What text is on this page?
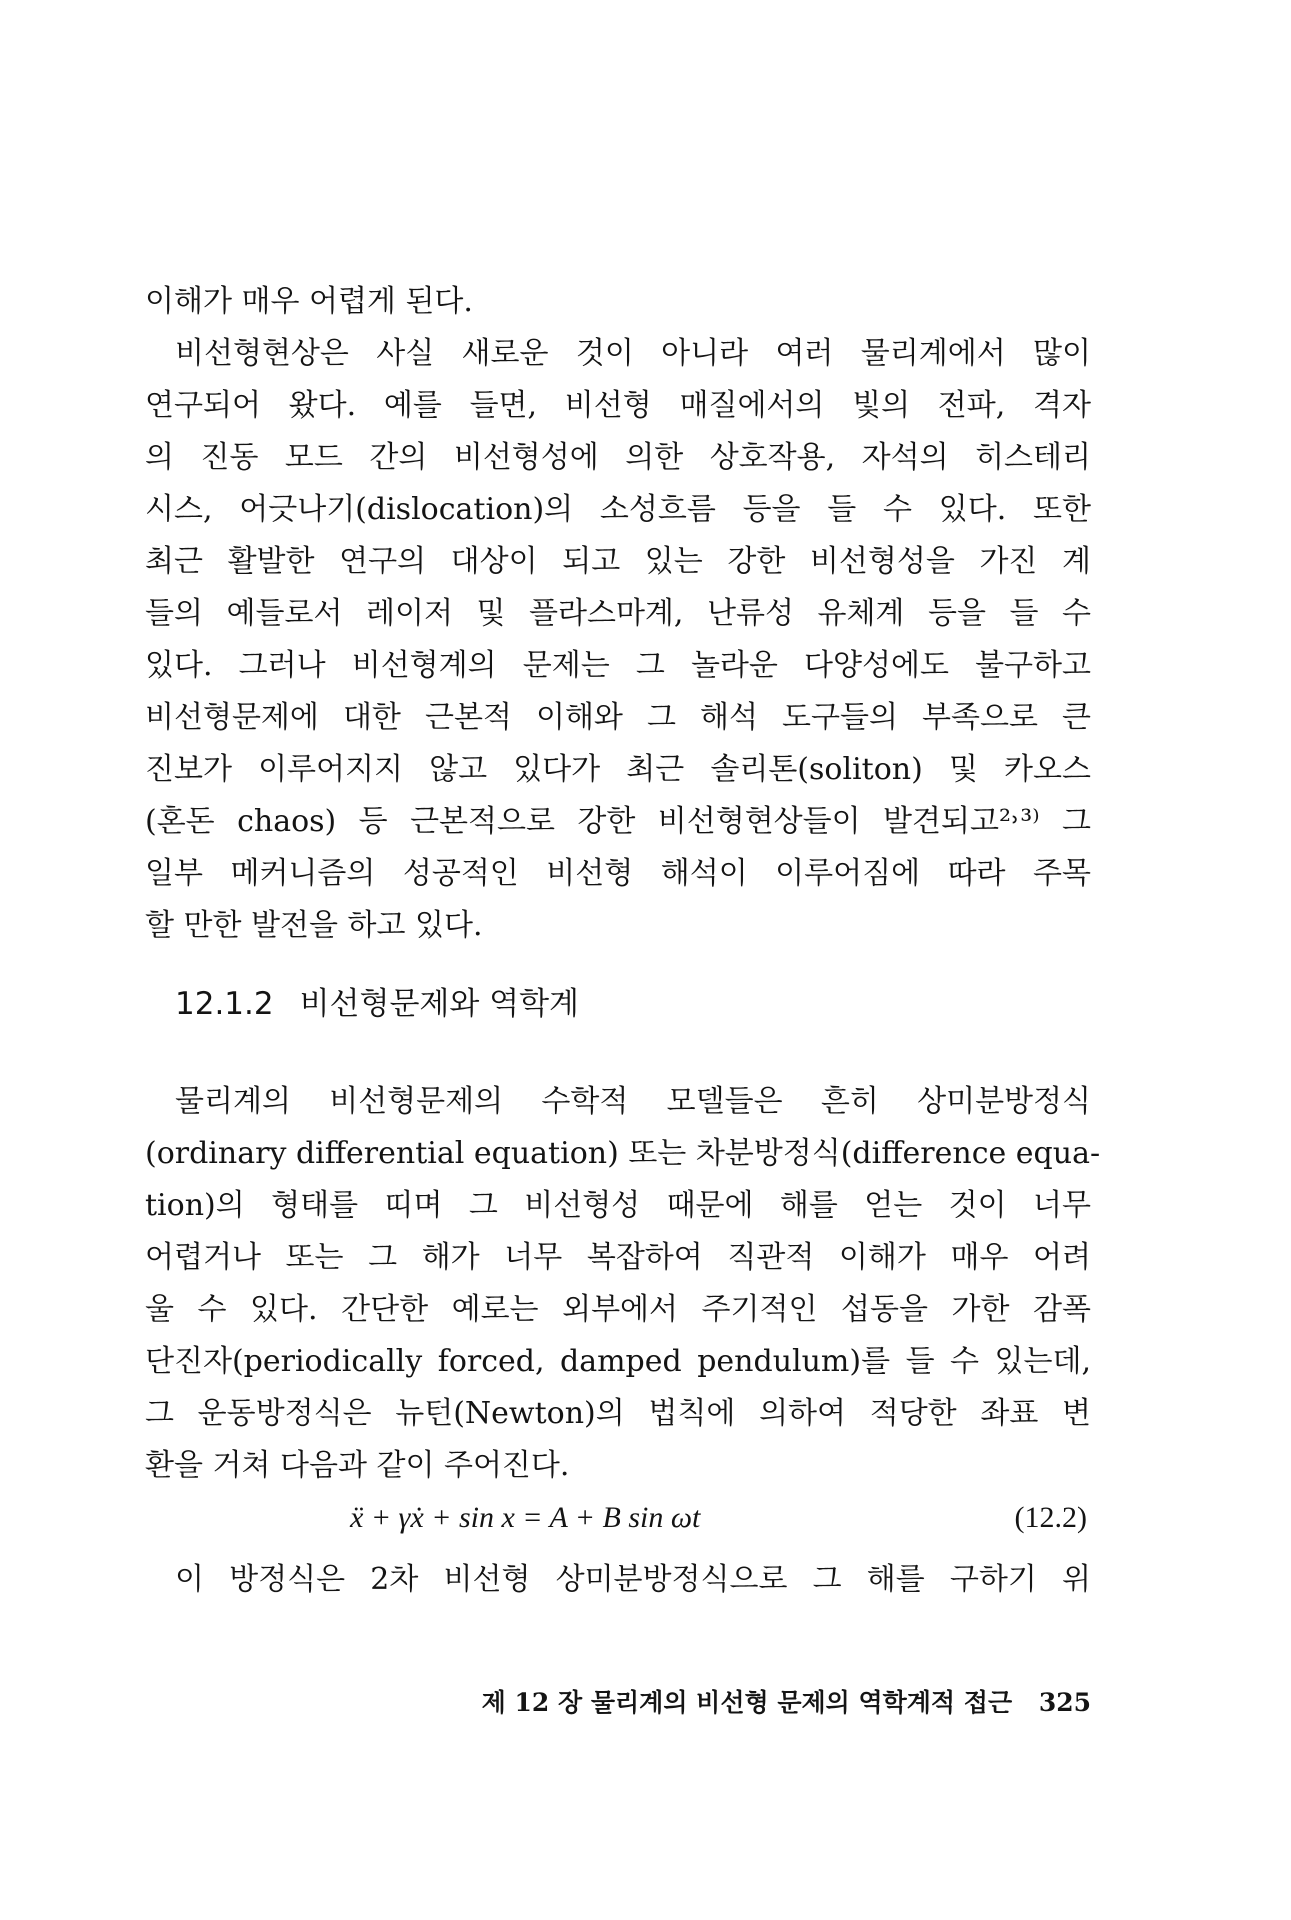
이해가 매우 어렵게 된다.
비선형현상은 사실 새로운 것이 아니라 여러 물리계에서 많이
연구되어 왔다. 예를 들면, 비선형 매질에서의 빛의 전파, 격자
의 진동 모드 간의 비선형성에 의한 상호작용, 자석의 히스테리
시스, 어긋나기(dislocation)의 소성흐름 등을 들 수 있다. 또한
최근 활발한 연구의 대상이 되고 있는 강한 비선형성을 가진 계
들의 예들로서 레이저 및 플라스마계, 난류성 유체계 등을 들 수
있다. 그러나 비선형계의 문제는 그 놀라운 다양성에도 불구하고
비선형문제에 대한 근본적 이해와 그 해석 도구들의 부족으로 큰
진보가 이루어지지 않고 있다가 최근 솔리톤(soliton) 및 카오스
(혼돈 chaos) 등 근본적으로 강한 비선형현상들이 발견되고²˒³⁾ 그
일부 메커니즘의 성공적인 비선형 해석이 이루어짐에 따라 주목
할 만한 발전을 하고 있다.
12.1.2 비선형문제와 역학계
물리계의 비선형문제의 수학적 모델들은 흔히 상미분방정식
(ordinary differential equation) 또는 차분방정식(difference equa-
tion)의 형태를 띠며 그 비선형성 때문에 해를 얻는 것이 너무
어렵거나 또는 그 해가 너무 복잡하여 직관적 이해가 매우 어려
울 수 있다. 간단한 예로는 외부에서 주기적인 섭동을 가한 감폭
단진자(periodically forced, damped pendulum)를 들 수 있는데,
그 운동방정식은 뉴턴(Newton)의 법칙에 의하여 적당한 좌표 변
환을 거쳐 다음과 같이 주어진다.
ẍ + γẋ + sin x = A + B sin ωt	(12.2)
이 방정식은 2차 비선형 상미분방정식으로 그 해를 구하기 위
제 12 장 물리계의 비선형 문제의 역학계적 접근 325
